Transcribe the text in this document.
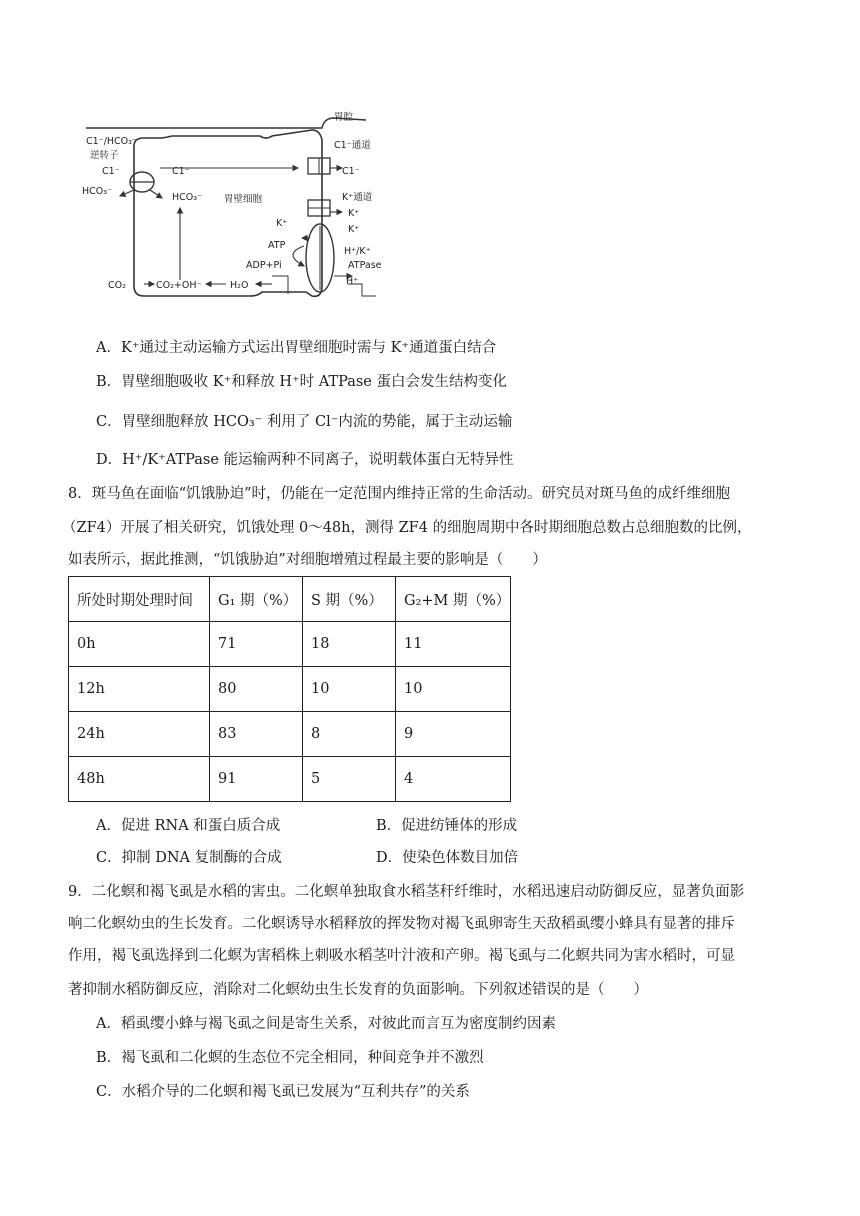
胃腔
C1⁻/HCO₃⁻
逆转子
C1⁻
HCO₃⁻
C1⁻
HCO₃⁻
C1⁻通道
C1⁻
胃壁细胞	K⁺通道
K⁺
K⁺
K⁺
ATP
ADP+Pi
H⁺/K⁺
ATPase
H⁺
CO₂	CO₂+OH⁻	H₂O
A．K⁺通过主动运输方式运出胃壁细胞时需与 K⁺通道蛋白结合
B．胃壁细胞吸收 K⁺和释放 H⁺时 ATPase 蛋白会发生结构变化
C．胃壁细胞释放 HCO₃⁻ 利用了 Cl⁻内流的势能，属于主动运输
D．H⁺/K⁺ATPase 能运输两种不同离子，说明载体蛋白无特异性
8．斑马鱼在面临“饥饿胁迫”时，仍能在一定范围内维持正常的生命活动。研究员对斑马鱼的成纤维细胞
（ZF4）开展了相关研究，饥饿处理 0～48h，测得 ZF4 的细胞周期中各时期细胞总数占总细胞数的比例，
如表所示，据此推测，“饥饿胁迫”对细胞增殖过程最主要的影响是（　　）
所处时期处理时间	G₁ 期（%）	S 期（%）	G₂+M 期（%）
0h	71	18	11
12h	80	10	10
24h	83	8	9
48h	91	5	4
A．促进 RNA 和蛋白质合成	B．促进纺锤体的形成
C．抑制 DNA 复制酶的合成	D．使染色体数目加倍
9．二化螟和褐飞虱是水稻的害虫。二化螟单独取食水稻茎秆纤维时，水稻迅速启动防御反应，显著负面影
响二化螟幼虫的生长发育。二化螟诱导水稻释放的挥发物对褐飞虱卵寄生天敌稻虱缨小蜂具有显著的排斥
作用，褐飞虱选择到二化螟为害稻株上刺吸水稻茎叶汁液和产卵。褐飞虱与二化螟共同为害水稻时，可显
著抑制水稻防御反应，消除对二化螟幼虫生长发育的负面影响。下列叙述错误的是（　　）
A．稻虱缨小蜂与褐飞虱之间是寄生关系，对彼此而言互为密度制约因素
B．褐飞虱和二化螟的生态位不完全相同，种间竞争并不激烈
C．水稻介导的二化螟和褐飞虱已发展为“互利共存”的关系
